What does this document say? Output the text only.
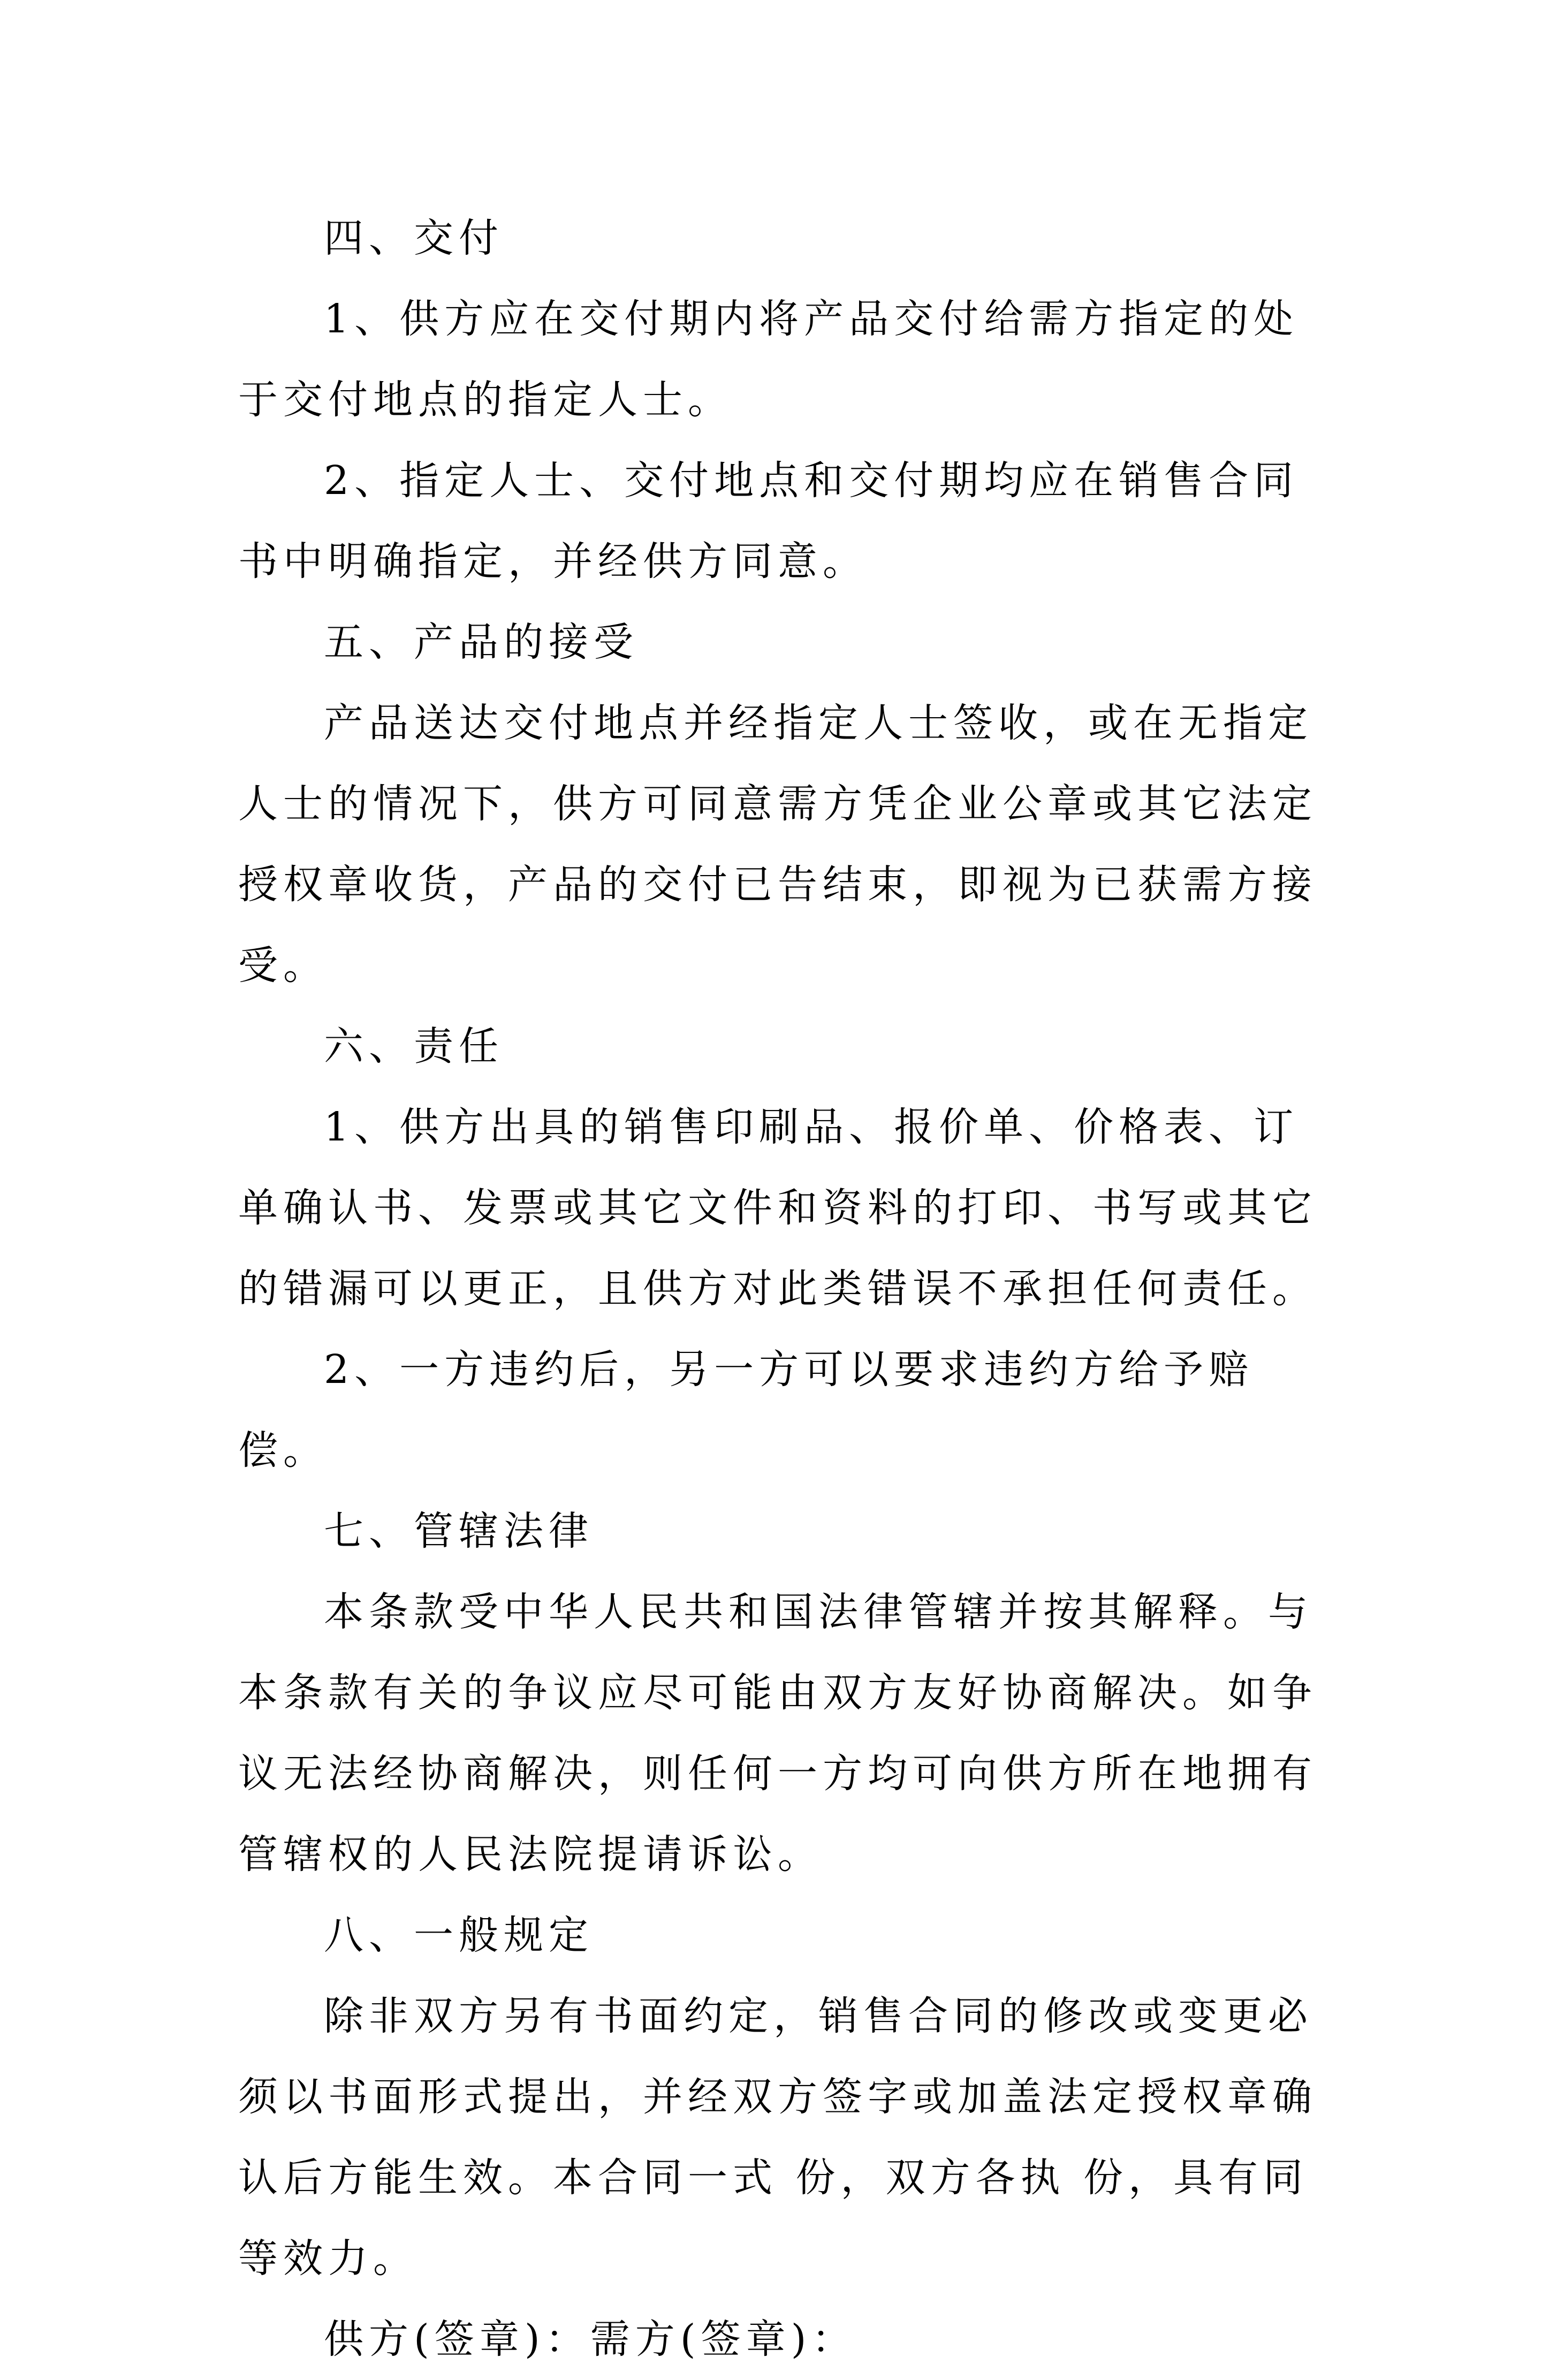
四、交付

1、供方应在交付期内将产品交付给需方指定的处于交付地点的指定人士。

2、指定人士、交付地点和交付期均应在销售合同书中明确指定，并经供方同意。

五、产品的接受

产品送达交付地点并经指定人士签收，或在无指定人士的情况下，供方可同意需方凭企业公章或其它法定授权章收货，产品的交付已告结束，即视为已获需方接受。

六、责任

1、供方出具的销售印刷品、报价单、价格表、订单确认书、发票或其它文件和资料的打印、书写或其它的错漏可以更正，且供方对此类错误不承担任何责任。

2、一方违约后，另一方可以要求违约方给予赔偿。

七、管辖法律

本条款受中华人民共和国法律管辖并按其解释。与本条款有关的争议应尽可能由双方友好协商解决。如争议无法经协商解决，则任何一方均可向供方所在地拥有管辖权的人民法院提请诉讼。

八、一般规定

除非双方另有书面约定，销售合同的修改或变更必须以书面形式提出，并经双方签字或加盖法定授权章确认后方能生效。本合同一式 份，双方各执 份，具有同等效力。

供方(签章)：需方(签章)：
